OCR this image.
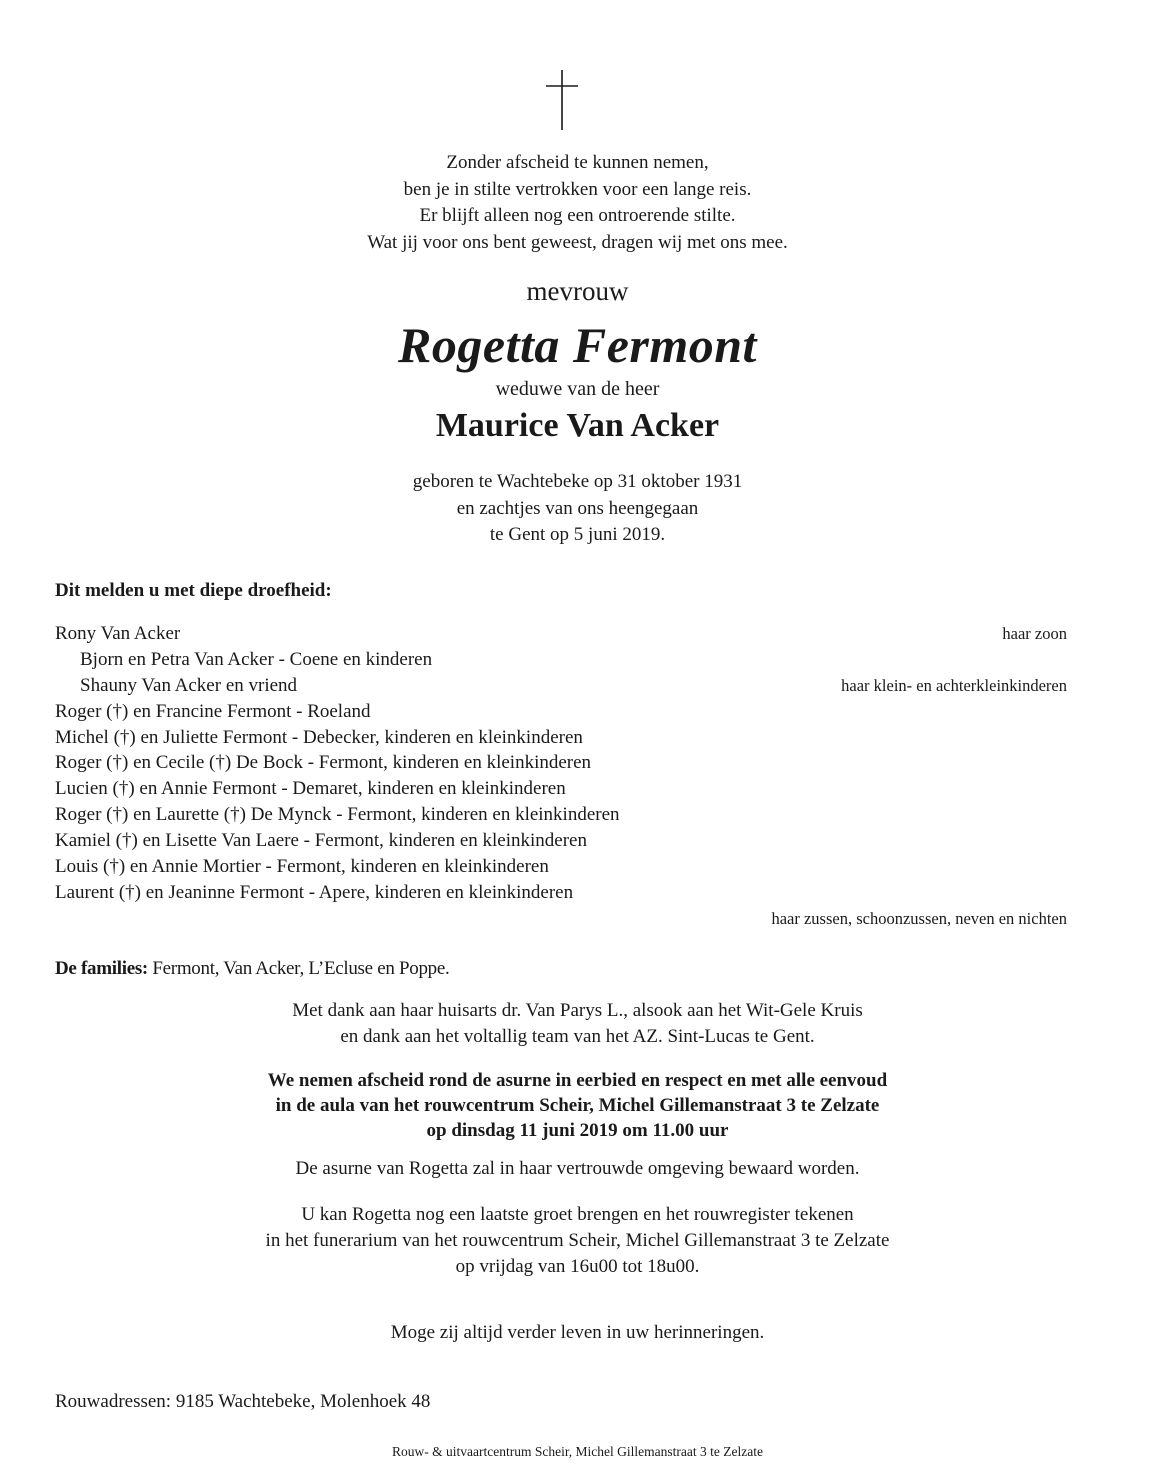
Zonder afscheid te kunnen nemen,
ben je in stilte vertrokken voor een lange reis.
Er blijft alleen nog een ontroerende stilte.
Wat jij voor ons bent geweest, dragen wij met ons mee.
mevrouw
Rogetta Fermont
weduwe van de heer
Maurice Van Acker
geboren te Wachtebeke op 31 oktober 1931
en zachtjes van ons heengegaan
te Gent op 5 juni 2019.
Dit melden u met diepe droefheid:
Rony Van Acker	haar zoon
Bjorn en Petra Van Acker - Coene en kinderen
Shauny Van Acker en vriend	haar klein- en achterkleinkinderen
Roger (†) en Francine Fermont - Roeland
Michel (†) en Juliette Fermont - Debecker, kinderen en kleinkinderen
Roger (†) en Cecile (†) De Bock - Fermont, kinderen en kleinkinderen
Lucien (†) en Annie Fermont - Demaret, kinderen en kleinkinderen
Roger (†) en Laurette (†) De Mynck - Fermont, kinderen en kleinkinderen
Kamiel (†) en Lisette Van Laere - Fermont, kinderen en kleinkinderen
Louis (†) en Annie Mortier - Fermont, kinderen en kleinkinderen
Laurent (†) en Jeaninne Fermont - Apere, kinderen en kleinkinderen
haar zussen, schoonzussen, neven en nichten
De families: Fermont, Van Acker, L’Ecluse en Poppe.
Met dank aan haar huisarts dr. Van Parys L., alsook aan het Wit-Gele Kruis
en dank aan het voltallig team van het AZ. Sint-Lucas te Gent.
We nemen afscheid rond de asurne in eerbied en respect en met alle eenvoud
in de aula van het rouwcentrum Scheir, Michel Gillemanstraat 3 te Zelzate
op dinsdag 11 juni 2019 om 11.00 uur
De asurne van Rogetta zal in haar vertrouwde omgeving bewaard worden.
U kan Rogetta nog een laatste groet brengen en het rouwregister tekenen
in het funerarium van het rouwcentrum Scheir, Michel Gillemanstraat 3 te Zelzate
op vrijdag van 16u00 tot 18u00.
Moge zij altijd verder leven in uw herinneringen.
Rouwadressen: 9185 Wachtebeke, Molenhoek 48
Rouw- & uitvaartcentrum Scheir, Michel Gillemanstraat 3 te Zelzate
